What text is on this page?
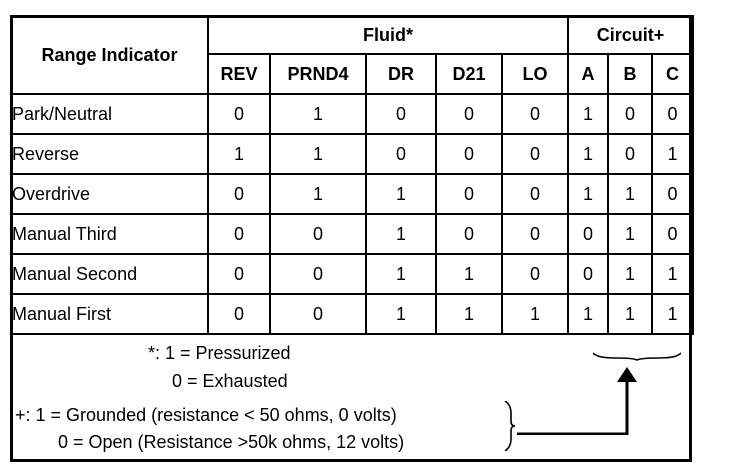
Range Indicator	Fluid*					Circuit+		
	REV	PRND4	DR	D21	LO	A	B	C
Park/Neutral	0	1	0	0	0	1	0	0
Reverse	1	1	0	0	0	1	0	1
Overdrive	0	1	1	0	0	1	1	0
Manual Third	0	0	1	0	0	0	1	0
Manual Second	0	0	1	1	0	0	1	1
Manual First	0	0	1	1	1	1	1	1
*: 1 = Pressurized
0 = Exhausted
+: 1 = Grounded (resistance < 50 ohms, 0 volts)
0 = Open (Resistance >50k ohms, 12 volts)
